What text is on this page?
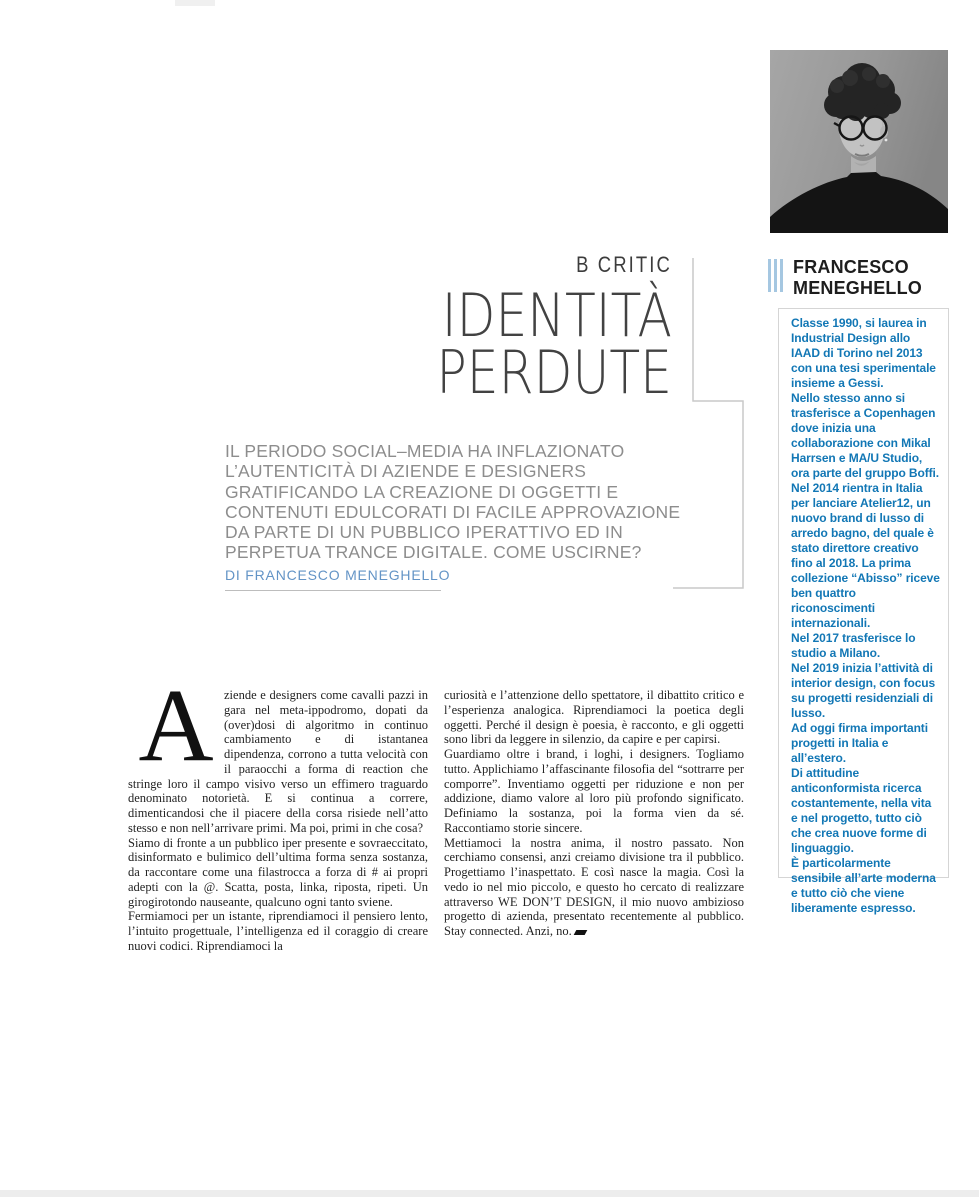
B CRITIC
IDENTITÀ
PERDUTE
IL PERIODO SOCIAL–MEDIA HA INFLAZIONATO L’AUTENTICITÀ DI AZIENDE E DESIGNERS GRATIFICANDO LA CREAZIONE DI OGGETTI E CONTENUTI EDULCORATI DI FACILE APPROVAZIONE DA PARTE DI UN PUBBLICO IPERATTIVO ED IN PERPETUA TRANCE DIGITALE. COME USCIRNE?
DI FRANCESCO MENEGHELLO

Aziende e designers come cavalli pazzi in gara nel meta-ippodromo, dopati da (over)dosi di algoritmo in continuo cambiamento e di istantanea dipendenza, corrono a tutta velocità con il paraocchi a forma di reaction che stringe loro il campo visivo verso un effimero traguardo denominato notorietà. E si continua a correre, dimenticandosi che il piacere della corsa risiede nell’atto stesso e non nell’arrivare primi. Ma poi, primi in che cosa?

Siamo di fronte a un pubblico iper presente e sovraeccitato, disinformato e bulimico dell’ultima forma senza sostanza, da raccontare come una filastrocca a forza di # ai propri adepti con la @. Scatta, posta, linka, riposta, ripeti. Un girogirotondo nauseante, qualcuno ogni tanto sviene.

Fermiamoci per un istante, riprendiamoci il pensiero lento, l’intuito progettuale, l’intelligenza ed il coraggio di creare nuovi codici. Riprendiamoci la

curiosità e l’attenzione dello spettatore, il dibattito critico e l’esperienza analogica. Riprendiamoci la poetica degli oggetti. Perché il design è poesia, è racconto, e gli oggetti sono libri da leggere in silenzio, da capire e per capirsi.

Guardiamo oltre i brand, i loghi, i designers. Togliamo tutto. Applichiamo l’affascinante filosofia del “sottrarre per comporre”. Inventiamo oggetti per riduzione e non per addizione, diamo valore al loro più profondo significato. Definiamo la sostanza, poi la forma vien da sé. Raccontiamo storie sincere.

Mettiamoci la nostra anima, il nostro passato. Non cerchiamo consensi, anzi creiamo divisione tra il pubblico. Progettiamo l’inaspettato. E così nasce la magia. Così la vedo io nel mio piccolo, e questo ho cercato di realizzare attraverso WE DON’T DESIGN, il mio nuovo ambizioso progetto di azienda, presentato recentemente al pubblico. Stay connected. Anzi, no.

FRANCESCO
MENEGHELLO

Classe 1990, si laurea in Industrial Design allo IAAD di Torino nel 2013 con una tesi sperimentale insieme a Gessi.

Nello stesso anno si trasferisce a Copenhagen dove inizia una collaborazione con Mikal Harrsen e MA/U Studio, ora parte del gruppo Boffi.

Nel 2014 rientra in Italia per lanciare Atelier12, un nuovo brand di lusso di arredo bagno, del quale è stato direttore creativo fino al 2018. La prima collezione “Abisso” riceve ben quattro riconoscimenti internazionali.

Nel 2017 trasferisce lo studio a Milano.

Nel 2019 inizia l’attività di interior design, con focus su progetti residenziali di lusso.

Ad oggi firma importanti progetti in Italia e all’estero.

Di attitudine anticonformista ricerca costantemente, nella vita e nel progetto, tutto ciò che crea nuove forme di linguaggio.

È particolarmente sensibile all’arte moderna e tutto ciò che viene liberamente espresso.
